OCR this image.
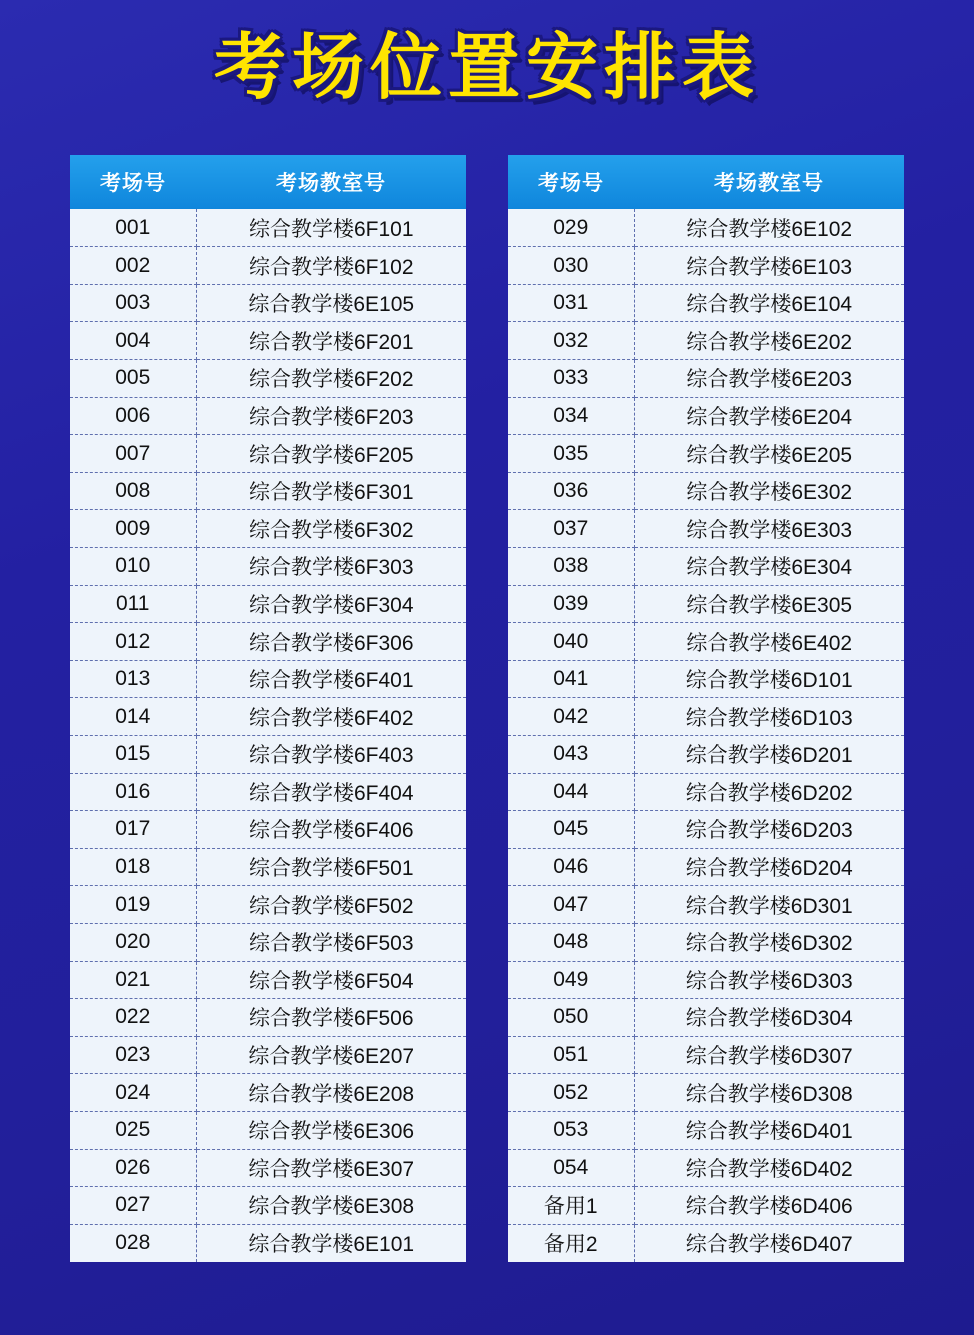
考场位置安排表
考场号	考场教室号
001	综合教学楼6F101
002	综合教学楼6F102
003	综合教学楼6E105
004	综合教学楼6F201
005	综合教学楼6F202
006	综合教学楼6F203
007	综合教学楼6F205
008	综合教学楼6F301
009	综合教学楼6F302
010	综合教学楼6F303
011	综合教学楼6F304
012	综合教学楼6F306
013	综合教学楼6F401
014	综合教学楼6F402
015	综合教学楼6F403
016	综合教学楼6F404
017	综合教学楼6F406
018	综合教学楼6F501
019	综合教学楼6F502
020	综合教学楼6F503
021	综合教学楼6F504
022	综合教学楼6F506
023	综合教学楼6E207
024	综合教学楼6E208
025	综合教学楼6E306
026	综合教学楼6E307
027	综合教学楼6E308
028	综合教学楼6E101
考场号	考场教室号
029	综合教学楼6E102
030	综合教学楼6E103
031	综合教学楼6E104
032	综合教学楼6E202
033	综合教学楼6E203
034	综合教学楼6E204
035	综合教学楼6E205
036	综合教学楼6E302
037	综合教学楼6E303
038	综合教学楼6E304
039	综合教学楼6E305
040	综合教学楼6E402
041	综合教学楼6D101
042	综合教学楼6D103
043	综合教学楼6D201
044	综合教学楼6D202
045	综合教学楼6D203
046	综合教学楼6D204
047	综合教学楼6D301
048	综合教学楼6D302
049	综合教学楼6D303
050	综合教学楼6D304
051	综合教学楼6D307
052	综合教学楼6D308
053	综合教学楼6D401
054	综合教学楼6D402
备用1	综合教学楼6D406
备用2	综合教学楼6D407
